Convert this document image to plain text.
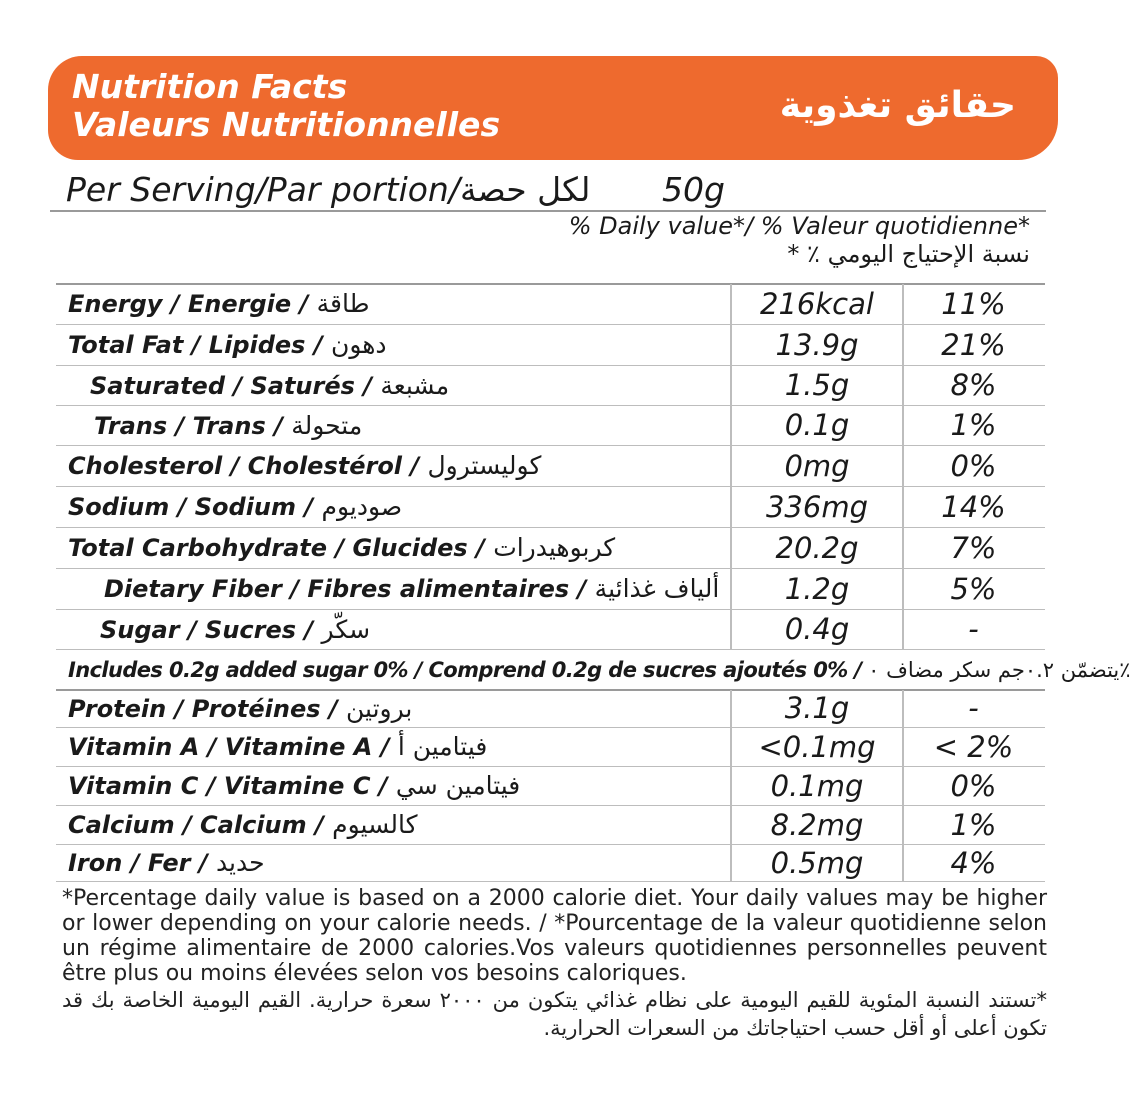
Nutrition Facts
Valeurs Nutritionnelles	حقائق تغذوية
Per Serving/Par portion/لكل حصة 50g
% Daily value*/ % Valeur quotidienne*
نسبة الإحتياج اليومي ٪ *
Energy / Energie / طاقة	216kcal	11%
Total Fat / Lipides / دهون	13.9g	21%
Saturated / Saturés / مشبعة	1.5g	8%
Trans / Trans / متحولة	0.1g	1%
Cholesterol / Cholestérol / كوليسترول	0mg	0%
Sodium / Sodium / صوديوم	336mg	14%
Total Carbohydrate / Glucides / كربوهيدرات	20.2g	7%
Dietary Fiber / Fibres alimentaires / ألياف غذائية	1.2g	5%
Sugar / Sucres / سكّر	0.4g	-
Includes 0.2g added sugar 0% / Comprend 0.2g de sucres ajoutés 0% / يتضمّن ٠.٢جم سكر مضاف ٠٪
Protein / Protéines / بروتين	3.1g	-
Vitamin A / Vitamine A / فيتامين أ	<0.1mg	< 2%
Vitamin C / Vitamine C / فيتامين سي	0.1mg	0%
Calcium / Calcium / كالسيوم	8.2mg	1%
Iron / Fer / حديد	0.5mg	4%
*Percentage daily value is based on a 2000 calorie diet. Your daily values may be higher or lower depending on your calorie needs. / *Pourcentage de la valeur quotidienne selon un régime alimentaire de 2000 calories.Vos valeurs quotidiennes personnelles peuvent être plus ou moins élevées selon vos besoins caloriques.
*تستند النسبة المئوية للقيم اليومية على نظام غذائي يتكون من ٢٠٠٠ سعرة حرارية. القيم اليومية الخاصة بك قد تكون أعلى أو أقل حسب احتياجاتك من السعرات الحرارية.
